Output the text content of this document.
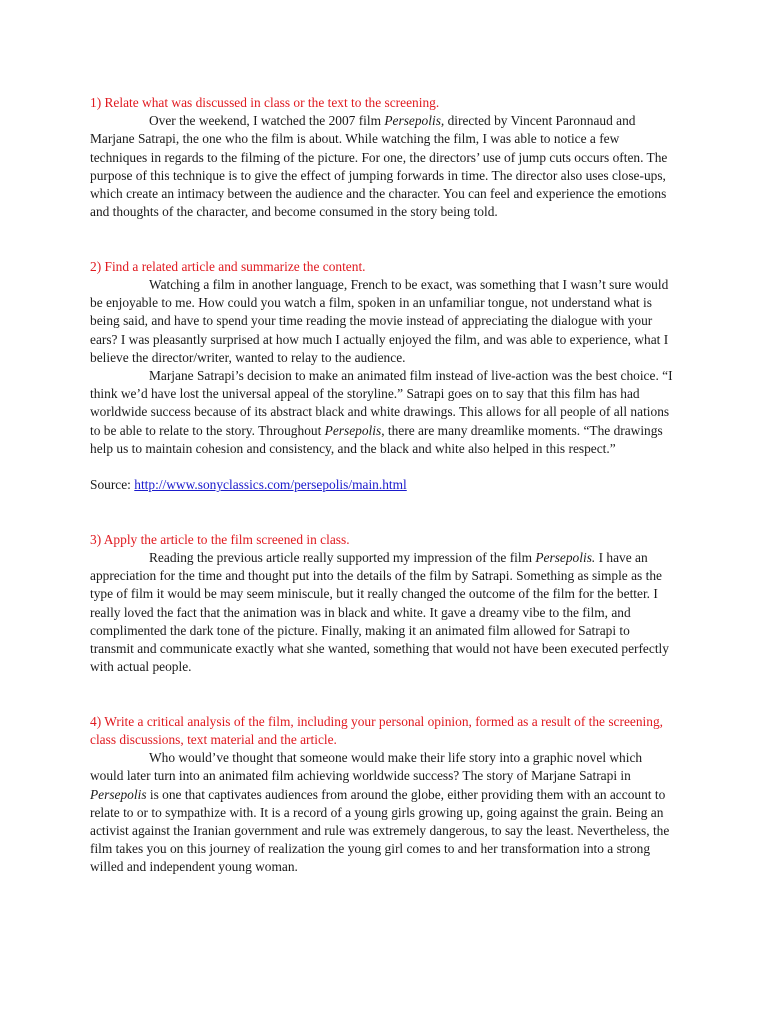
1) Relate what was discussed in class or the text to the screening.

Over the weekend, I watched the 2007 film Persepolis, directed by Vincent Paronnaud and Marjane Satrapi, the one who the film is about. While watching the film, I was able to notice a few techniques in regards to the filming of the picture. For one, the directors’ use of jump cuts occurs often. The purpose of this technique is to give the effect of jumping forwards in time. The director also uses close-ups, which create an intimacy between the audience and the character. You can feel and experience the emotions and thoughts of the character, and become consumed in the story being told.

2) Find a related article and summarize the content.

Watching a film in another language, French to be exact, was something that I wasn’t sure would be enjoyable to me. How could you watch a film, spoken in an unfamiliar tongue, not understand what is being said, and have to spend your time reading the movie instead of appreciating the dialogue with your ears? I was pleasantly surprised at how much I actually enjoyed the film, and was able to experience, what I believe the director/writer, wanted to relay to the audience.

Marjane Satrapi’s decision to make an animated film instead of live-action was the best choice. “I think we’d have lost the universal appeal of the storyline.” Satrapi goes on to say that this film has had worldwide success because of its abstract black and white drawings. This allows for all people of all nations to be able to relate to the story. Throughout Persepolis, there are many dreamlike moments. “The drawings help us to maintain cohesion and consistency, and the black and white also helped in this respect.”

Source: http://www.sonyclassics.com/persepolis/main.html

3) Apply the article to the film screened in class.

Reading the previous article really supported my impression of the film Persepolis. I have an appreciation for the time and thought put into the details of the film by Satrapi. Something as simple as the type of film it would be may seem miniscule, but it really changed the outcome of the film for the better. I really loved the fact that the animation was in black and white. It gave a dreamy vibe to the film, and complimented the dark tone of the picture. Finally, making it an animated film allowed for Satrapi to transmit and communicate exactly what she wanted, something that would not have been executed perfectly with actual people.

4) Write a critical analysis of the film, including your personal opinion, formed as a result of the screening, class discussions, text material and the article.

Who would’ve thought that someone would make their life story into a graphic novel which would later turn into an animated film achieving worldwide success? The story of Marjane Satrapi in Persepolis is one that captivates audiences from around the globe, either providing them with an account to relate to or to sympathize with. It is a record of a young girls growing up, going against the grain. Being an activist against the Iranian government and rule was extremely dangerous, to say the least. Nevertheless, the film takes you on this journey of realization the young girl comes to and her transformation into a strong willed and independent young woman.
